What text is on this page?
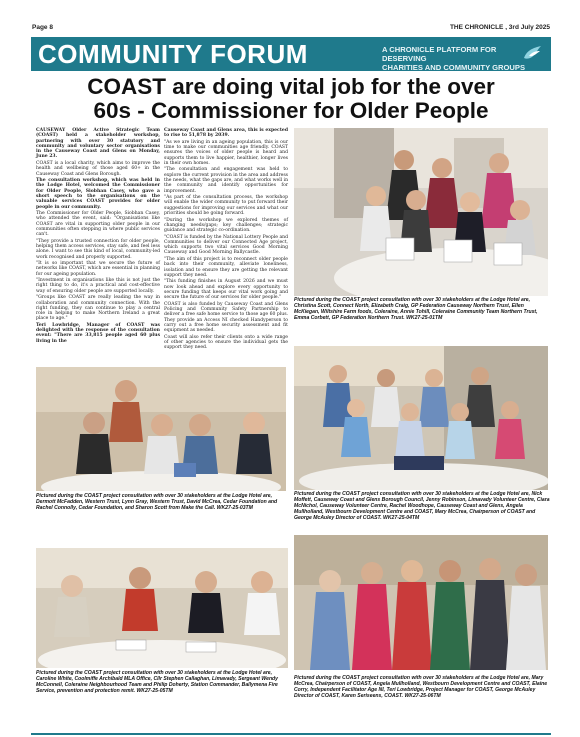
Page 8	THE CHRONICLE , 3rd July 2025
COMMUNITY FORUM	A CHRONICLE PLATFORM FOR DESERVING
CHARITIES AND COMMUNITY GROUPS
COAST are doing vital job for the over
60s - Commissioner for Older People

CAUSEWAY Older Active Strategic Team (COAST) held a stakeholder workshop, partnering with over 30 statutory and community and voluntary sector organisations in the Causeway Coast and Glens on Monday, June 23.

COAST is a local charity, which aims to improve the health and wellbeing of those aged 60+ in the Causeway Coast and Glens Borough.

The consultation workshop, which was held in the Lodge Hotel, welcomed the Commissioner for Older People, Siobhan Casey, who gave a short speech to the organisations on the valuable services COAST provides for older people in our community.

The Commissioner for Older People, Siobhan Casey, who attended the event, said: "Organisations like COAST are vital in supporting older people in our communities often stepping in where public services can't.

"They provide a trusted connection for older people, helping them access services, stay safe, and feel less alone. I want to see this kind of local, community-led work recognised and properly supported.

"It is so important that we secure the future of networks like COAST, which are essential in planning for our ageing population.

"Investment in organisations like this is not just the right thing to do, it's a practical and cost-effective way of ensuring older people are supported locally.

"Groups like COAST are really leading the way in collaboration and community connection. With the right funding, they can continue to play a central role in helping to make Northern Ireland a great place to age."

Teri Lowbridge, Manager of COAST was delighted with the response of the consultation event: "There are 33,815 people aged 60 plus living in the

Causeway Coast and Glens area, this is expected to rise to 51,878 by 2039.

"As we are living in an ageing population, this is our time to make our communities age friendly. COAST ensures the voices of older people is heard and supports them to live happier, healthier, longer lives in their own homes.

"The consultation and engagement was held to explore the current provision in the area and address the needs, what the gaps are, and what works well in the community and identify opportunities for improvement.

"As part of the consultation process, the workshop will enable the wider community to put forward their suggestions for improving our services and what our priorities should be going forward.

"During the workshop we explored themes of changing needs/gaps; key challenges; strategic guidance and strategic co-ordination.

"COAST is funded by the National Lottery People and Communities to deliver our Connected Age project, which supports two vital services Good Morning Causeway and Good Morning Ballycastle.

"The aim of this project is to reconnect older people back into their community, alleviate loneliness, isolation and to ensure they are getting the relevant support they need.

"This funding finishes in August 2026 and we must now look ahead and explore every opportunity to secure funding that keeps our vital work going and secure the future of our services for older people."

COAST is also funded by Causeway Coast and Glens Policing and Community Safety Partnership to deliver a free safe home service to those age 60 plus. They provide an Access NI checked Handyperson to carry out a free home security assessment and fit equipment as needed.

Coast will also refer their clients onto a wide range of other agencies to ensure the individual gets the support they need.

Pictured during the COAST project consultation with over 30 stakeholders at the Lodge Hotel are, Christina Scott, Connect North, Elizabeth Craig, GP Federation Causeway Northern Trust, Ellen McKiegan, Wiltshire Farm foods, Coleraine, Annie Tohill, Coleraine Community Team Northern Trust, Emma Corbett, GP Federation Northern Trust. WK27-25-01TM
Pictured during the COAST project consultation with over 30 stakeholders at the Lodge Hotel are, Nick Moffett, Causeway Coast and Glens Borough Council, Jenny Robinson, Limavady Volunteer Centre, Ciara McNichol, Causeway Volunteer Centre, Rachel Woodhope, Causeway Coast and Glens, Angela Mullholland, Westbourn Development Centre and COAST, Mary McCrea, Chairperson of COAST and George McAuley Director of COAST. WK27-25-04TM
Pictured during the COAST project consultation with over 30 stakeholders at the Lodge Hotel are, Dermott McFadden, Western Trust, Lynn Gray, Western Trust, David McCrea, Cedar Foundation and Rachel Connolly, Cedar Foundation, and Sharon Scott from Make the Call. WK27-25-03TM
Pictured during the COAST project consultation with over 30 stakeholders at the Lodge Hotel are, Caroline White, Coolmiffe Archibald MLA Office, Cllr Stephen Callaghan, Limavady, Sergeant Wendy McConnell, Coleraine Neighbourhood Team and Philip Doherty, Station Commander, Ballymena Fire Service, prevention and protection remit. WK27-25-05TM
Pictured during the COAST project consultation with over 30 stakeholders at the Lodge Hotel are, Mary McCrea, Chairperson of COAST, Angela Mullholland, Westbourn Development Centre and COAST, Elaine Corry, Independent Facilitator Age NI, Teri Lowbridge, Project Manager for COAST, George McAuley Director of COAST, Karen Seriseens, COAST. WK27-25-06TM
